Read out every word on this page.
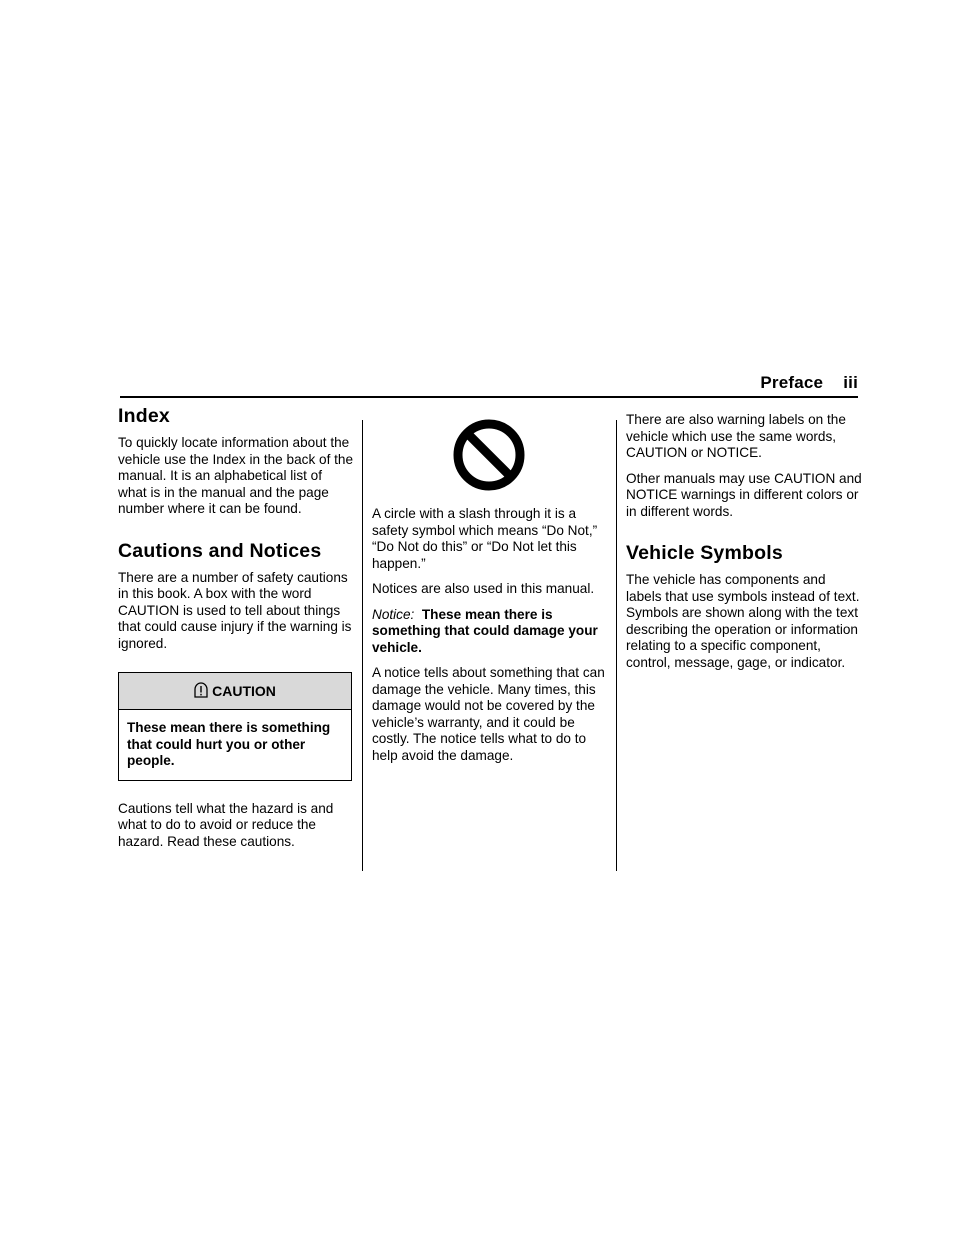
Preface iii
Index

To quickly locate information about the vehicle use the Index in the back of the manual. It is an alphabetical list of what is in the manual and the page number where it can be found.

Cautions and Notices

There are a number of safety cautions in this book. A box with the word CAUTION is used to tell about things that could cause injury if the warning is ignored.

CAUTION
These mean there is something that could hurt you or other people.

Cautions tell what the hazard is and what to do to avoid or reduce the hazard. Read these cautions.

A circle with a slash through it is a safety symbol which means “Do Not,” “Do Not do this” or “Do Not let this happen.”

Notices are also used in this manual.

Notice: These mean there is something that could damage your vehicle.

A notice tells about something that can damage the vehicle. Many times, this damage would not be covered by the vehicle’s warranty, and it could be costly. The notice tells what to do to help avoid the damage.

There are also warning labels on the vehicle which use the same words, CAUTION or NOTICE.

Other manuals may use CAUTION and NOTICE warnings in different colors or in different words.

Vehicle Symbols

The vehicle has components and labels that use symbols instead of text. Symbols are shown along with the text describing the operation or information relating to a specific component, control, message, gage, or indicator.
